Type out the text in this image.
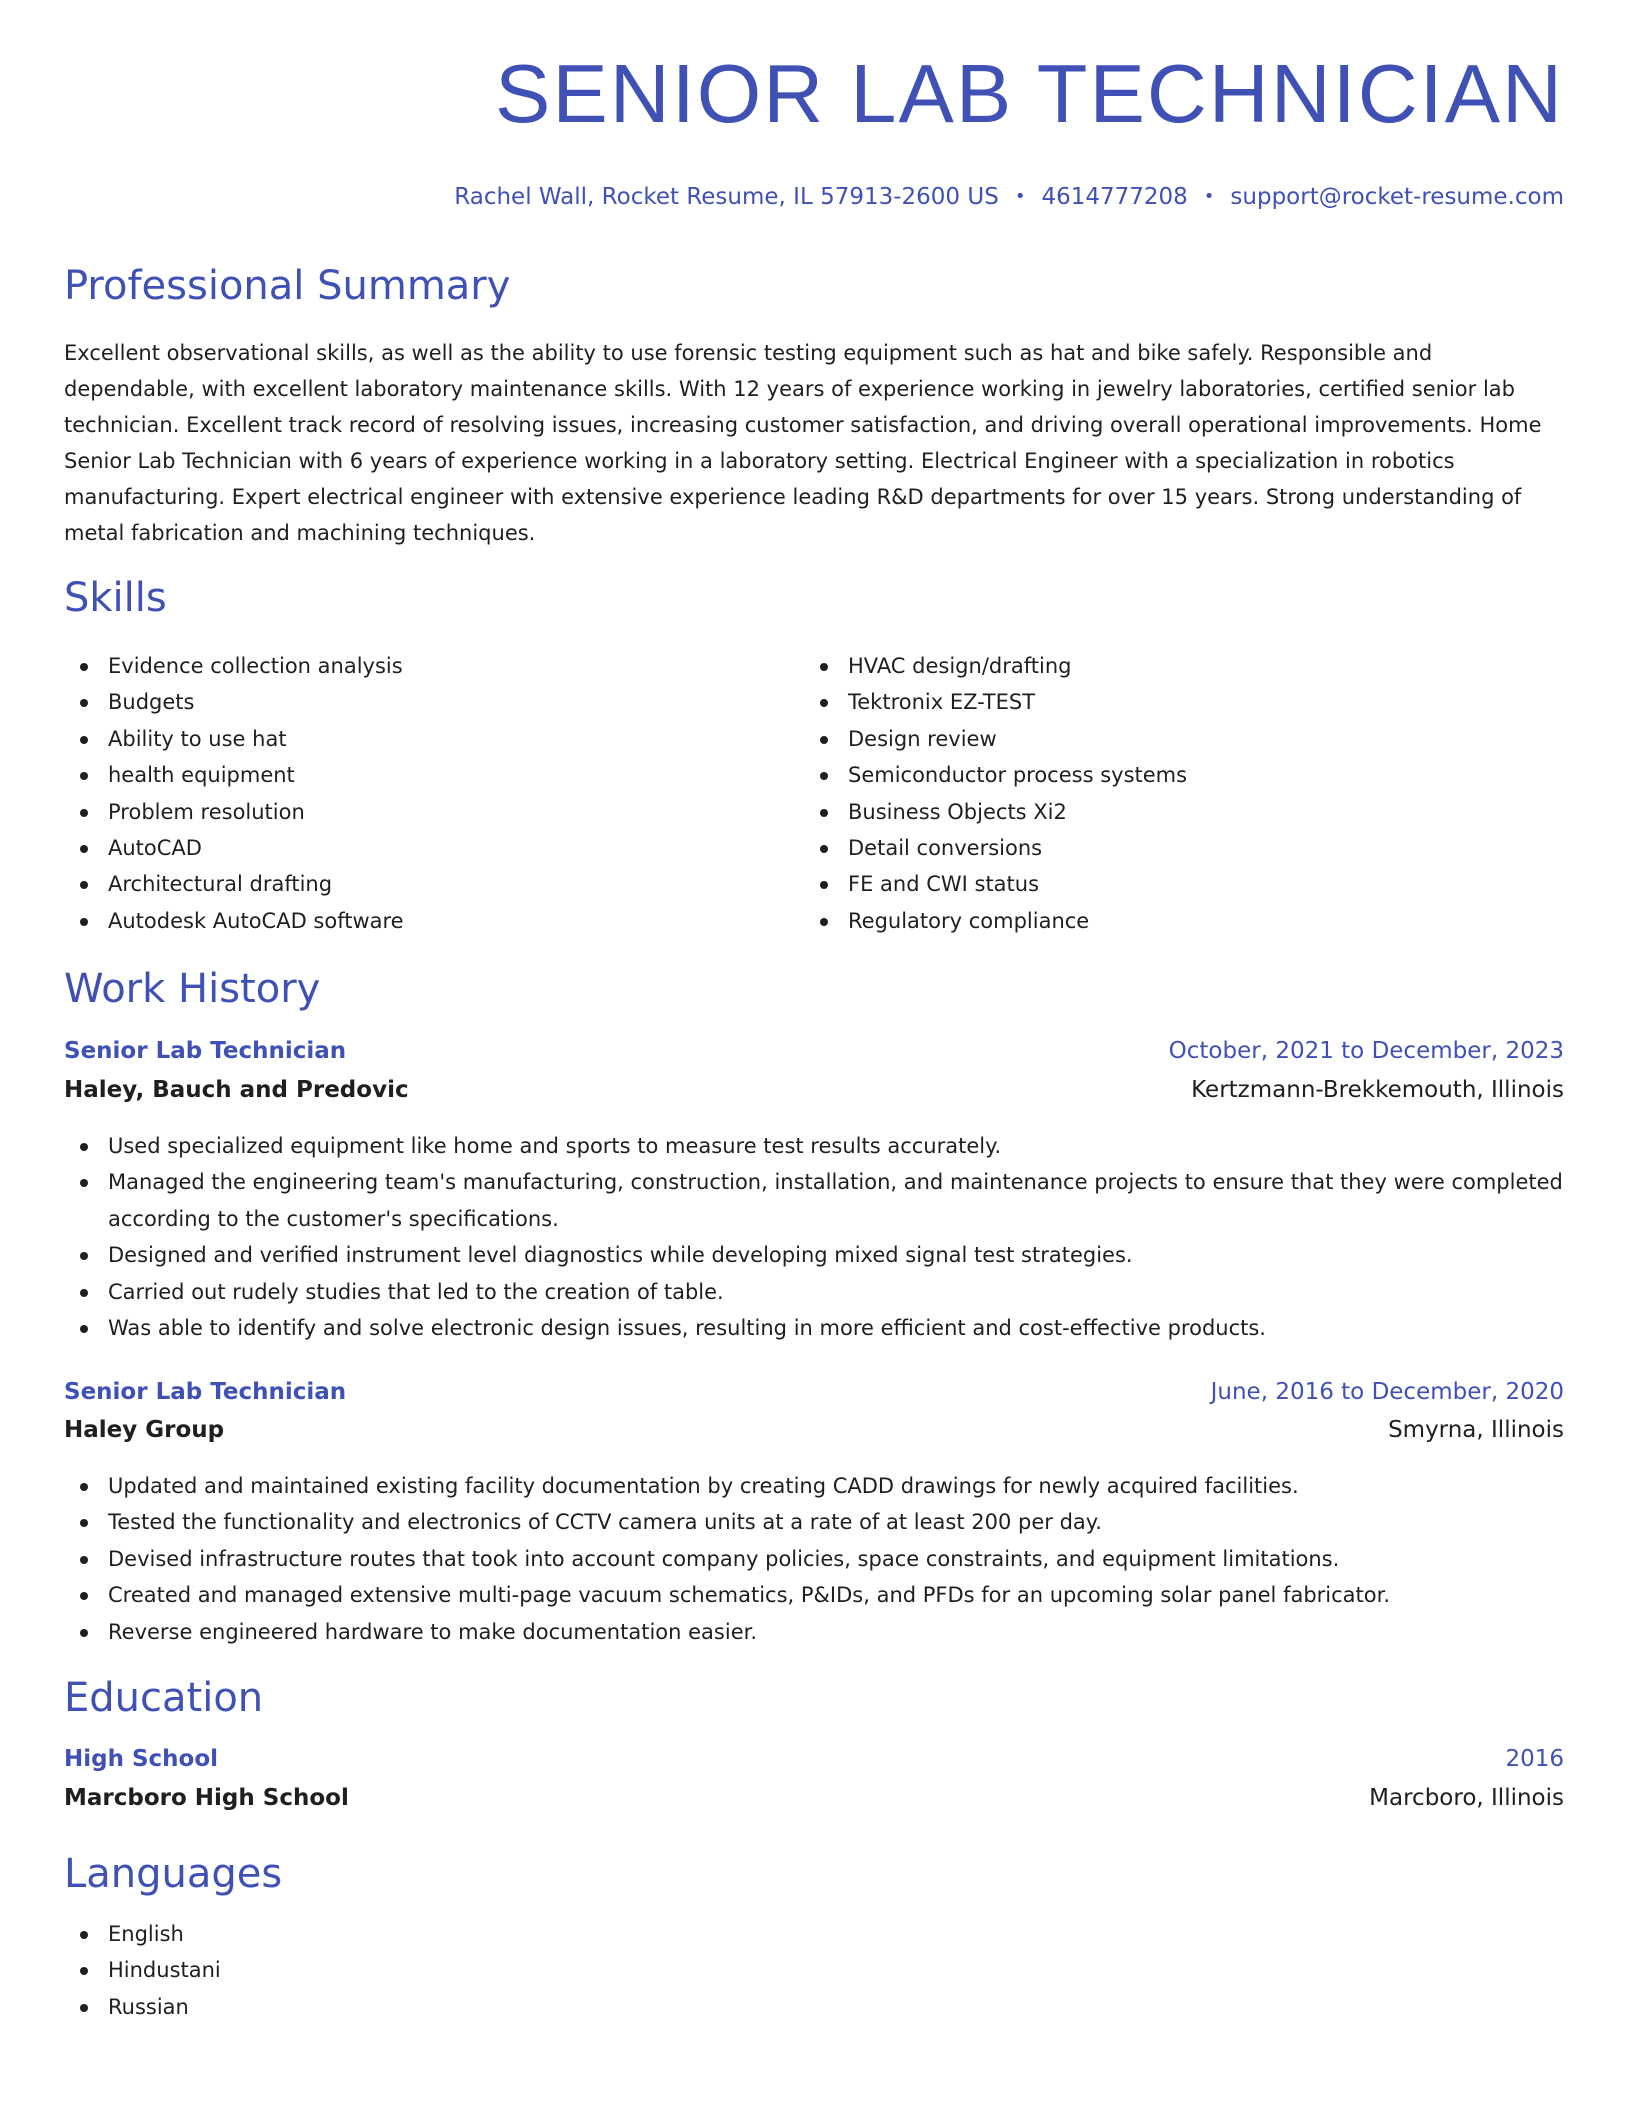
SENIOR LAB TECHNICIAN
Rachel Wall, Rocket Resume, IL 57913-2600 US • 4614777208 • support@rocket-resume.com
Professional Summary

Excellent observational skills, as well as the ability to use forensic testing equipment such as hat and bike safely. Responsible and dependable, with excellent laboratory maintenance skills. With 12 years of experience working in jewelry laboratories, certified senior lab technician. Excellent track record of resolving issues, increasing customer satisfaction, and driving overall operational improvements. Home Senior Lab Technician with 6 years of experience working in a laboratory setting. Electrical Engineer with a specialization in robotics manufacturing. Expert electrical engineer with extensive experience leading R&D departments for over 15 years. Strong understanding of metal fabrication and machining techniques.

Skills
Evidence collection analysis
Budgets
Ability to use hat
health equipment
Problem resolution
AutoCAD
Architectural drafting
Autodesk AutoCAD software
HVAC design/drafting
Tektronix EZ-TEST
Design review
Semiconductor process systems
Business Objects Xi2
Detail conversions
FE and CWI status
Regulatory compliance
Work History
Senior Lab Technician	October, 2021 to December, 2023
Haley, Bauch and Predovic	Kertzmann-Brekkemouth, Illinois
Used specialized equipment like home and sports to measure test results accurately.
Managed the engineering team's manufacturing, construction, installation, and maintenance projects to ensure that they were completed according to the customer's specifications.
Designed and verified instrument level diagnostics while developing mixed signal test strategies.
Carried out rudely studies that led to the creation of table.
Was able to identify and solve electronic design issues, resulting in more efficient and cost-effective products.
Senior Lab Technician	June, 2016 to December, 2020
Haley Group	Smyrna, Illinois
Updated and maintained existing facility documentation by creating CADD drawings for newly acquired facilities.
Tested the functionality and electronics of CCTV camera units at a rate of at least 200 per day.
Devised infrastructure routes that took into account company policies, space constraints, and equipment limitations.
Created and managed extensive multi-page vacuum schematics, P&IDs, and PFDs for an upcoming solar panel fabricator.
Reverse engineered hardware to make documentation easier.
Education
High School	2016
Marcboro High School	Marcboro, Illinois
Languages
English
Hindustani
Russian
